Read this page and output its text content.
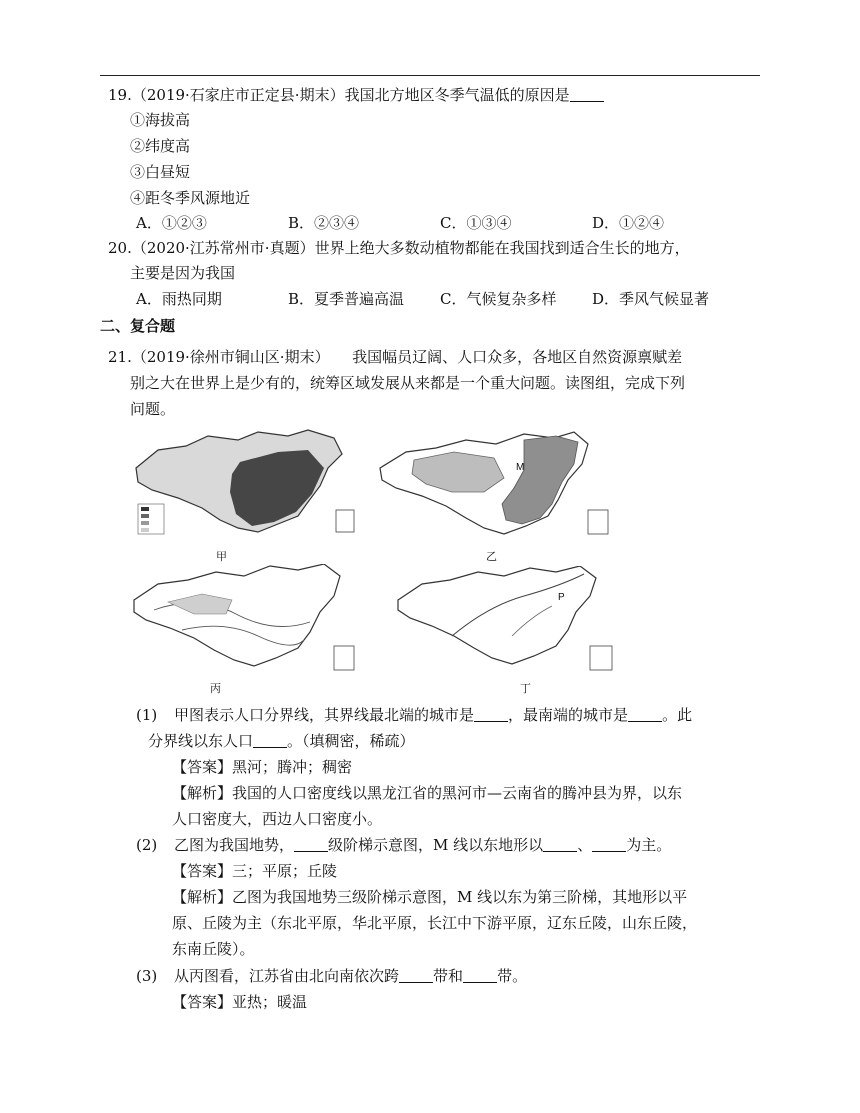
19.（2019·石家庄市正定县·期末）我国北方地区冬季气温低的原因是
①海拔高
②纬度高
③白昼短
④距冬季风源地近
A．①②③	B．②③④	C．①③④	D．①②④
20.（2020·江苏常州市·真题）世界上绝大多数动植物都能在我国找到适合生长的地方，
主要是因为我国
A．雨热同期	B．夏季普遍高温 C．气候复杂多样 D．季风气候显著
二、复合题
21.（2019·徐州市铜山区·期末）　　我国幅员辽阔、人口众多，各地区自然资源禀赋差
别之大在世界上是少有的，统筹区域发展从来都是一个重大问题。读图组，完成下列
问题。
甲
M
乙
丙
P
丁
(1) 甲图表示人口分界线，其界线最北端的城市是 ，最南端的城市是 。此
分界线以东人口 。（填稠密，稀疏）
【答案】黑河；腾冲；稠密
【解析】我国的人口密度线以黑龙江省的黑河市—云南省的腾冲县为界，以东
人口密度大，西边人口密度小。
(2) 乙图为我国地势， 级阶梯示意图，M 线以东地形以 、 为主。
【答案】三；平原；丘陵
【解析】乙图为我国地势三级阶梯示意图，M 线以东为第三阶梯，其地形以平
原、丘陵为主（东北平原，华北平原，长江中下游平原，辽东丘陵，山东丘陵，
东南丘陵）。
(3) 从丙图看，江苏省由北向南依次跨 带和 带。
【答案】亚热；暖温
